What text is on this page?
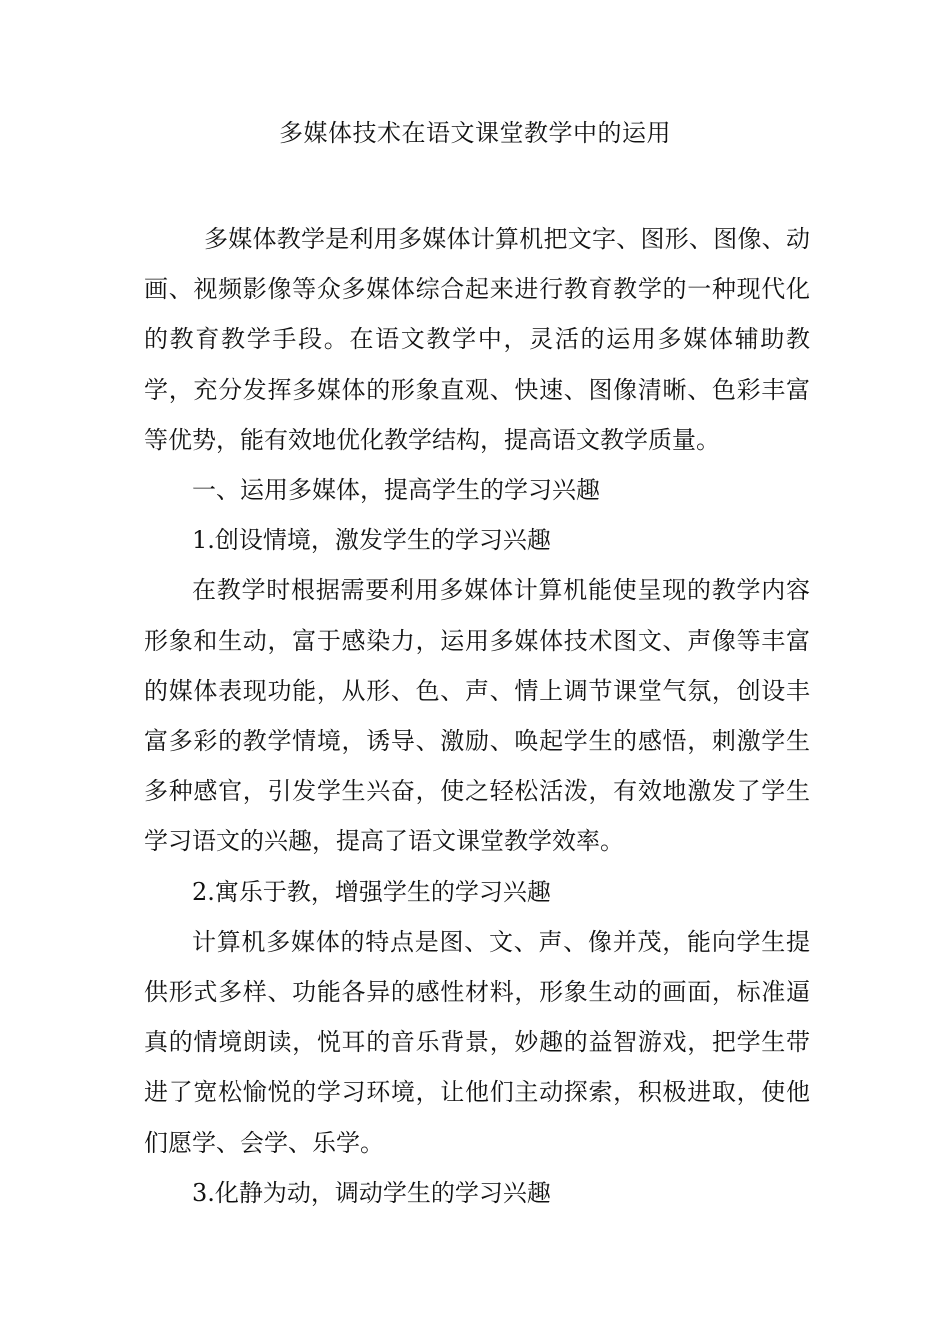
多媒体技术在语文课堂教学中的运用

多媒体教学是利用多媒体计算机把文字、图形、图像、动画、视频影像等众多媒体综合起来进行教育教学的一种现代化的教育教学手段。在语文教学中，灵活的运用多媒体辅助教学，充分发挥多媒体的形象直观、快速、图像清晰、色彩丰富等优势，能有效地优化教学结构，提高语文教学质量。

一、运用多媒体，提高学生的学习兴趣

1.创设情境，激发学生的学习兴趣

在教学时根据需要利用多媒体计算机能使呈现的教学内容形象和生动，富于感染力，运用多媒体技术图文、声像等丰富的媒体表现功能，从形、色、声、情上调节课堂气氛，创设丰富多彩的教学情境，诱导、激励、唤起学生的感悟，刺激学生多种感官，引发学生兴奋，使之轻松活泼，有效地激发了学生学习语文的兴趣，提高了语文课堂教学效率。

2.寓乐于教，增强学生的学习兴趣

计算机多媒体的特点是图、文、声、像并茂，能向学生提供形式多样、功能各异的感性材料，形象生动的画面，标准逼真的情境朗读，悦耳的音乐背景，妙趣的益智游戏，把学生带进了宽松愉悦的学习环境，让他们主动探索，积极进取，使他们愿学、会学、乐学。

3.化静为动，调动学生的学习兴趣
